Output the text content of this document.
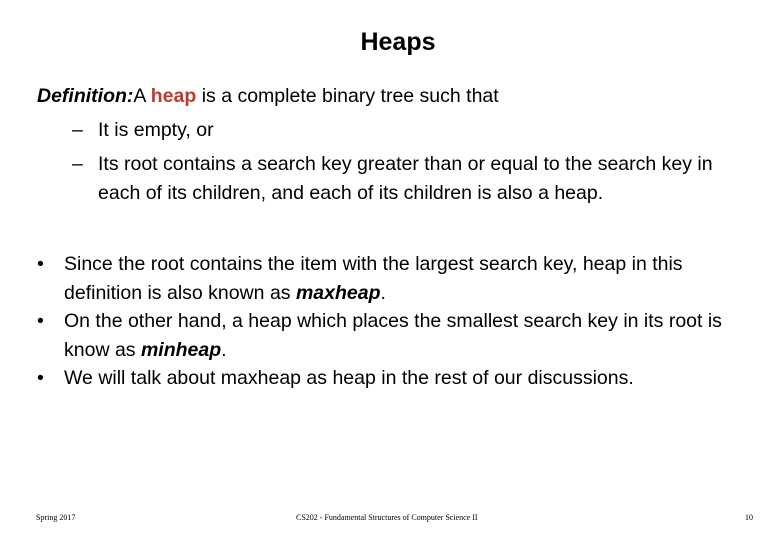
Heaps
Definition:A heap is a complete binary tree such that
– It is empty, or
– Its root contains a search key greater than or equal to the search key in each of its children, and each of its children is also a heap.
• Since the root contains the item with the largest search key, heap in this definition is also known as maxheap.
• On the other hand, a heap which places the smallest search key in its root is know as minheap.
• We will talk about maxheap as heap in the rest of our discussions.
Spring 2017	CS202 - Fundamental Structures of Computer Science II	10
